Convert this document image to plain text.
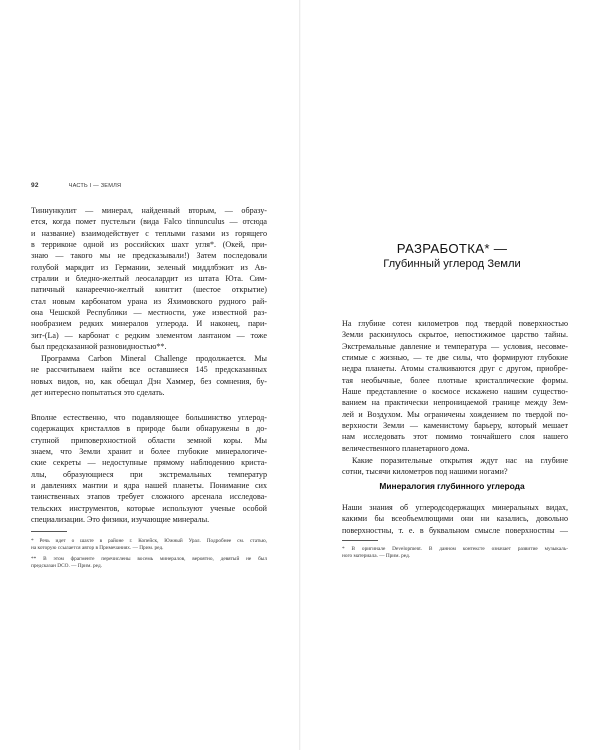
92	ЧАСТЬ I — ЗЕМЛЯ
Тиннункулит — минерал, найденный вторым, — образу-
ется, когда помет пустельги (вида Falco tinnunculus — отсюда
и название) взаимодействует с теплыми газами из горящего
в терриконе одной из российских шахт угля*. (Окей, при-
знаю — такого мы не предсказывали!) Затем последовали
голубой маркдит из Германии, зеленый миддлбэкит из Ав-
стралии и бледно-желтый леосалардит из штата Юта. Сим-
патичный канареечно-желтый кинггит (шестое открытие)
стал новым карбонатом урана из Яхимовского рудного рай-
она Чешской Республики — местности, уже известной раз-
нообразием редких минералов углерода. И наконец, пари-
зит-(La) — карбонат с редким элементом лантаном — тоже
был предсказанной разновидностью**.
Программа Carbon Mineral Challenge продолжается. Мы
не рассчитываем найти все оставшиеся 145 предсказанных
новых видов, но, как обещал Дэн Хаммер, без сомнения, бу-
дет интересно попытаться это сделать.
Вполне естественно, что подавляющее большинство углерод-
содержащих кристаллов в природе были обнаружены в до-
ступной приповерхностной области земной коры. Мы
знаем, что Земли хранит и более глубокие минералогиче-
ские секреты — недоступные прямому наблюдению криста-
ллы, образующиеся при экстремальных температур
и давлениях мантии и ядра нашей планеты. Понимание сих
таинственных этапов требует сложного арсенала исследова-
тельских инструментов, которые используют ученые особой
специализации. Это физики, изучающие минералы.
* Речь идет о шахте в районе г. Копейск, Южный Урал. Подробнее см. статью,
на которую ссылается автор в Примечаниях. — Прим. ред.
** В этом фрагменте перечислены восемь минералов, вероятно, девятый не был
предсказан DCO. — Прим. ред.
РАЗРАБОТКА* —
Глубинный углерод Земли
На глубине сотен километров под твердой поверхностью
Земли раскинулось скрытое, непостижимое царство тайны.
Экстремальные давление и температура — условия, несовме-
стимые с жизнью, — те две силы, что формируют глубокие
недра планеты. Атомы сталкиваются друг с другом, приобре-
тая необычные, более плотные кристаллические формы.
Наше представление о космосе искажено нашим существо-
ванием на практически непроницаемой границе между Зем-
лей и Воздухом. Мы ограничены хождением по твердой по-
верхности Земли — каменистому барьеру, который мешает
нам исследовать этот помимо тончайшего слоя нашего
величественного планетарного дома.
Какие поразительные открытия ждут нас на глубине
сотни, тысячи километров под нашими ногами?
Минералогия глубинного углерода
Наши знания об углеродсодержащих минеральных видах,
какими бы всеобъемлющими они ни казались, довольно
поверхностны, т. е. в буквальном смысле поверхностны —
* В оригинале Development. В данном контексте означает развитие музыкаль-
ного материала. — Прим. ред.
